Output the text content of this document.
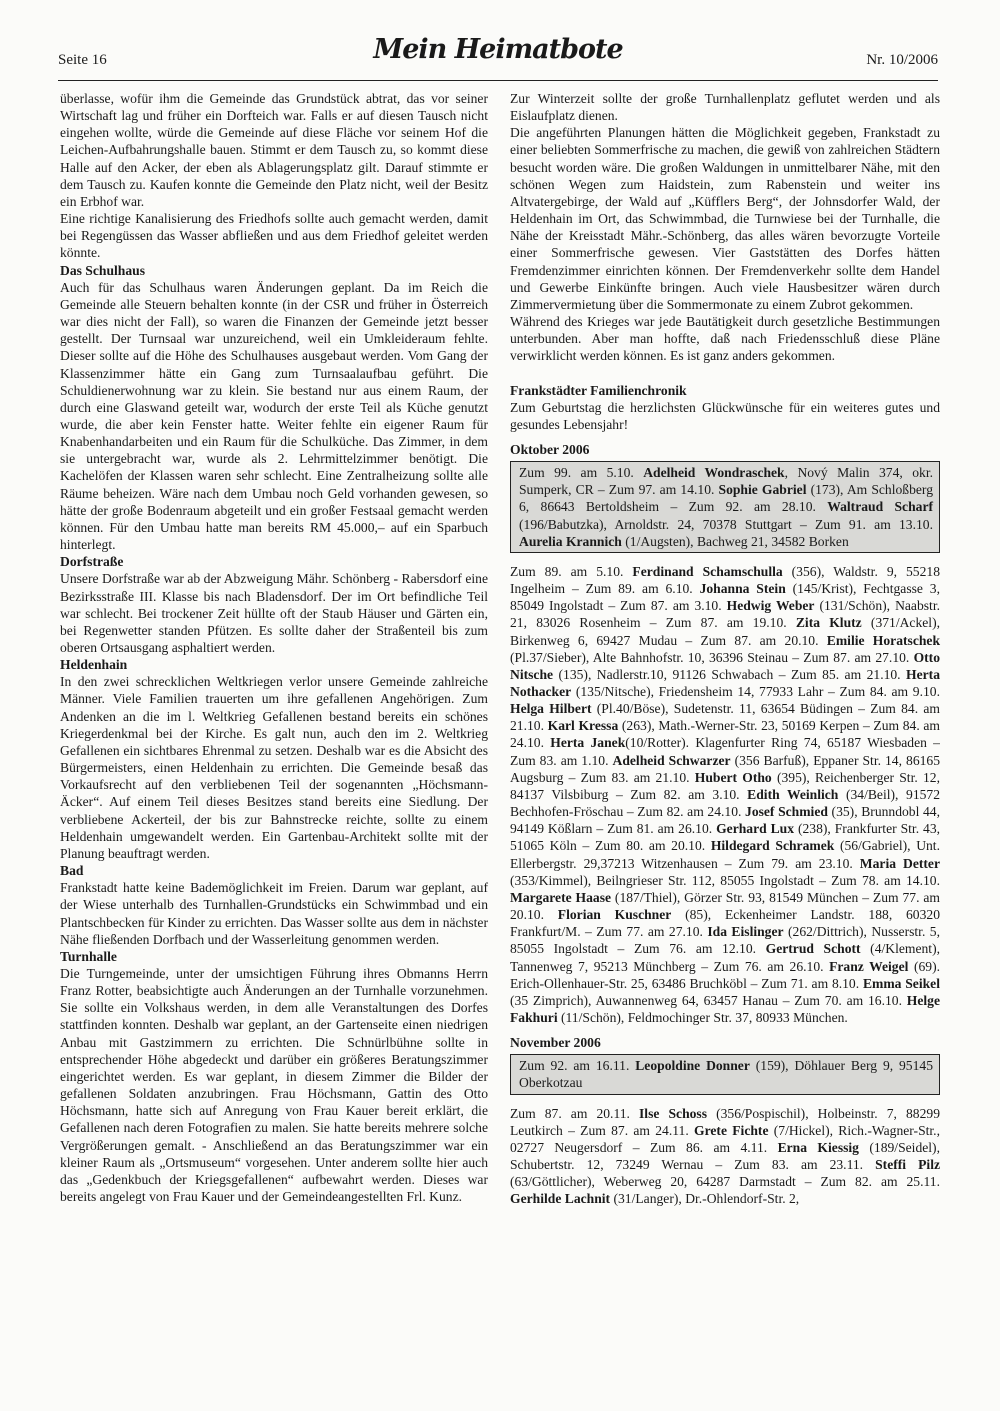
Seite 16	Mein Heimatbote	Nr. 10/2006

überlasse, wofür ihm die Gemeinde das Grundstück abtrat, das vor seiner Wirtschaft lag und früher ein Dorfteich war. Falls er auf diesen Tausch nicht eingehen wollte, würde die Gemeinde auf diese Fläche vor seinem Hof die Leichen-Aufbahrungshalle bauen. Stimmt er dem Tausch zu, so kommt diese Halle auf den Acker, der eben als Ablagerungsplatz gilt. Darauf stimmte er dem Tausch zu. Kaufen konnte die Gemeinde den Platz nicht, weil der Besitz ein Erbhof war.

Eine richtige Kanalisierung des Friedhofs sollte auch gemacht werden, damit bei Regengüssen das Wasser abfließen und aus dem Friedhof geleitet werden könnte.

Das Schulhaus

Auch für das Schulhaus waren Änderungen geplant. Da im Reich die Gemeinde alle Steuern behalten konnte (in der CSR und früher in Österreich war dies nicht der Fall), so waren die Finanzen der Gemeinde jetzt besser gestellt. Der Turnsaal war unzureichend, weil ein Umkleideraum fehlte. Dieser sollte auf die Höhe des Schulhauses ausgebaut werden. Vom Gang der Klassenzimmer hätte ein Gang zum Turnsaalaufbau geführt. Die Schuldienerwohnung war zu klein. Sie bestand nur aus einem Raum, der durch eine Glaswand geteilt war, wodurch der erste Teil als Küche genutzt wurde, die aber kein Fenster hatte. Weiter fehlte ein eigener Raum für Knabenhandarbeiten und ein Raum für die Schulküche. Das Zimmer, in dem sie untergebracht war, wurde als 2. Lehrmittelzimmer benötigt. Die Kachelöfen der Klassen waren sehr schlecht. Eine Zentralheizung sollte alle Räume beheizen. Wäre nach dem Umbau noch Geld vorhanden gewesen, so hätte der große Bodenraum abgeteilt und ein großer Festsaal gemacht werden können. Für den Umbau hatte man bereits RM 45.000,– auf ein Sparbuch hinterlegt.

Dorfstraße

Unsere Dorfstraße war ab der Abzweigung Mähr. Schönberg - Rabersdorf eine Bezirksstraße III. Klasse bis nach Bladensdorf. Der im Ort befindliche Teil war schlecht. Bei trockener Zeit hüllte oft der Staub Häuser und Gärten ein, bei Regenwetter standen Pfützen. Es sollte daher der Straßenteil bis zum oberen Ortsausgang asphaltiert werden.

Heldenhain

In den zwei schrecklichen Weltkriegen verlor unsere Gemeinde zahlreiche Männer. Viele Familien trauerten um ihre gefallenen Angehörigen. Zum Andenken an die im l. Weltkrieg Gefallenen bestand bereits ein schönes Kriegerdenkmal bei der Kirche. Es galt nun, auch den im 2. Weltkrieg Gefallenen ein sichtbares Ehrenmal zu setzen. Deshalb war es die Absicht des Bürgermeisters, einen Heldenhain zu errichten. Die Gemeinde besaß das Vorkaufsrecht auf den verbliebenen Teil der sogenannten „Höchsmann-Äcker“. Auf einem Teil dieses Besitzes stand bereits eine Siedlung. Der verbliebene Ackerteil, der bis zur Bahnstrecke reichte, sollte zu einem Heldenhain umgewandelt werden. Ein Gartenbau-Architekt sollte mit der Planung beauftragt werden.

Bad

Frankstadt hatte keine Bademöglichkeit im Freien. Darum war geplant, auf der Wiese unterhalb des Turnhallen-Grundstücks ein Schwimmbad und ein Plantschbecken für Kinder zu errichten. Das Wasser sollte aus dem in nächster Nähe fließenden Dorfbach und der Wasserleitung genommen werden.

Turnhalle

Die Turngemeinde, unter der umsichtigen Führung ihres Obmanns Herrn Franz Rotter, beabsichtigte auch Änderungen an der Turnhalle vorzunehmen. Sie sollte ein Volkshaus werden, in dem alle Veranstaltungen des Dorfes stattfinden konnten. Deshalb war geplant, an der Gartenseite einen niedrigen Anbau mit Gastzimmern zu errichten. Die Schnürlbühne sollte in entsprechender Höhe abgedeckt und darüber ein größeres Beratungszimmer eingerichtet werden. Es war geplant, in diesem Zimmer die Bilder der gefallenen Soldaten anzubringen. Frau Höchsmann, Gattin des Otto Höchsmann, hatte sich auf Anregung von Frau Kauer bereit erklärt, die Gefallenen nach deren Fotografien zu malen. Sie hatte bereits mehrere solche Vergrößerungen gemalt. - Anschließend an das Beratungszimmer war ein kleiner Raum als „Ortsmuseum“ vorgesehen. Unter anderem sollte hier auch das „Gedenkbuch der Kriegsgefallenen“ aufbewahrt werden. Dieses war bereits angelegt von Frau Kauer und der Gemeindeangestellten Frl. Kunz.

Zur Winterzeit sollte der große Turnhallenplatz geflutet werden und als Eislaufplatz dienen.

Die angeführten Planungen hätten die Möglichkeit gegeben, Frankstadt zu einer beliebten Sommerfrische zu machen, die gewiß von zahlreichen Städtern besucht worden wäre. Die großen Waldungen in unmittelbarer Nähe, mit den schönen Wegen zum Haidstein, zum Rabenstein und weiter ins Altvatergebirge, der Wald auf „Küfflers Berg“, der Johnsdorfer Wald, der Heldenhain im Ort, das Schwimmbad, die Turnwiese bei der Turnhalle, die Nähe der Kreisstadt Mähr.-Schönberg, das alles wären bevorzugte Vorteile einer Sommerfrische gewesen. Vier Gaststätten des Dorfes hätten Fremdenzimmer einrichten können. Der Fremdenverkehr sollte dem Handel und Gewerbe Einkünfte bringen. Auch viele Hausbesitzer wären durch Zimmervermietung über die Sommermonate zu einem Zubrot gekommen.

Während des Krieges war jede Bautätigkeit durch gesetzliche Bestimmungen unterbunden. Aber man hoffte, daß nach Friedensschluß diese Pläne verwirklicht werden können. Es ist ganz anders gekommen.

Frankstädter Familienchronik

Zum Geburtstag die herzlichsten Glückwünsche für ein weiteres gutes und gesundes Lebensjahr!

Oktober 2006

Zum 99. am 5.10. Adelheid Wondraschek, Nový Malin 374, okr. Sumperk, CR – Zum 97. am 14.10. Sophie Gabriel (173), Am Schloßberg 6, 86643 Bertoldsheim – Zum 92. am 28.10. Waltraud Scharf (196/Babutzka), Arnoldstr. 24, 70378 Stuttgart – Zum 91. am 13.10. Aurelia Krannich (1/Augsten), Bachweg 21, 34582 Borken

Zum 89. am 5.10. Ferdinand Schamschulla (356), Waldstr. 9, 55218 Ingelheim – Zum 89. am 6.10. Johanna Stein (145/Krist), Fechtgasse 3, 85049 Ingolstadt – Zum 87. am 3.10. Hedwig Weber (131/Schön), Naabstr. 21, 83026 Rosenheim – Zum 87. am 19.10. Zita Klutz (371/Ackel), Birkenweg 6, 69427 Mudau – Zum 87. am 20.10. Emilie Horatschek (Pl.37/Sieber), Alte Bahnhofstr. 10, 36396 Steinau – Zum 87. am 27.10. Otto Nitsche (135), Nadlerstr.10, 91126 Schwabach – Zum 85. am 21.10. Herta Nothacker (135/Nitsche), Friedensheim 14, 77933 Lahr – Zum 84. am 9.10. Helga Hilbert (Pl.40/Böse), Sudetenstr. 11, 63654 Büdingen – Zum 84. am 21.10. Karl Kressa (263), Math.-Werner-Str. 23, 50169 Kerpen – Zum 84. am 24.10. Herta Janek(10/Rotter). Klagenfurter Ring 74, 65187 Wiesbaden – Zum 83. am 1.10. Adelheid Schwarzer (356 Barfuß), Eppaner Str. 14, 86165 Augsburg – Zum 83. am 21.10. Hubert Otho (395), Reichenberger Str. 12, 84137 Vilsbiburg – Zum 82. am 3.10. Edith Weinlich (34/Beil), 91572 Bechhofen-Fröschau – Zum 82. am 24.10. Josef Schmied (35), Brunndobl 44, 94149 Kößlarn – Zum 81. am 26.10. Gerhard Lux (238), Frankfurter Str. 43, 51065 Köln – Zum 80. am 20.10. Hildegard Schramek (56/Gabriel), Unt. Ellerbergstr. 29,37213 Witzenhausen – Zum 79. am 23.10. Maria Detter (353/Kimmel), Beilngrieser Str. 112, 85055 Ingolstadt – Zum 78. am 14.10. Margarete Haase (187/Thiel), Görzer Str. 93, 81549 München – Zum 77. am 20.10. Florian Kuschner (85), Eckenheimer Landstr. 188, 60320 Frankfurt/M. – Zum 77. am 27.10. Ida Eislinger (262/Dittrich), Nusserstr. 5, 85055 Ingolstadt – Zum 76. am 12.10. Gertrud Schott (4/Klement), Tannenweg 7, 95213 Münchberg – Zum 76. am 26.10. Franz Weigel (69). Erich-Ollenhauer-Str. 25, 63486 Bruchköbl – Zum 71. am 8.10. Emma Seikel (35 Zimprich), Auwannenweg 64, 63457 Hanau – Zum 70. am 16.10. Helge Fakhuri (11/Schön), Feldmochinger Str. 37, 80933 München.

November 2006

Zum 92. am 16.11. Leopoldine Donner (159), Döhlauer Berg 9, 95145 Oberkotzau

Zum 87. am 20.11. Ilse Schoss (356/Pospischil), Holbeinstr. 7, 88299 Leutkirch – Zum 87. am 24.11. Grete Fichte (7/Hickel), Rich.-Wagner-Str., 02727 Neugersdorf – Zum 86. am 4.11. Erna Kiessig (189/Seidel), Schubertstr. 12, 73249 Wernau – Zum 83. am 23.11. Steffi Pilz (63/Göttlicher), Weberweg 20, 64287 Darmstadt – Zum 82. am 25.11. Gerhilde Lachnit (31/Langer), Dr.-Ohlendorf-Str. 2,
